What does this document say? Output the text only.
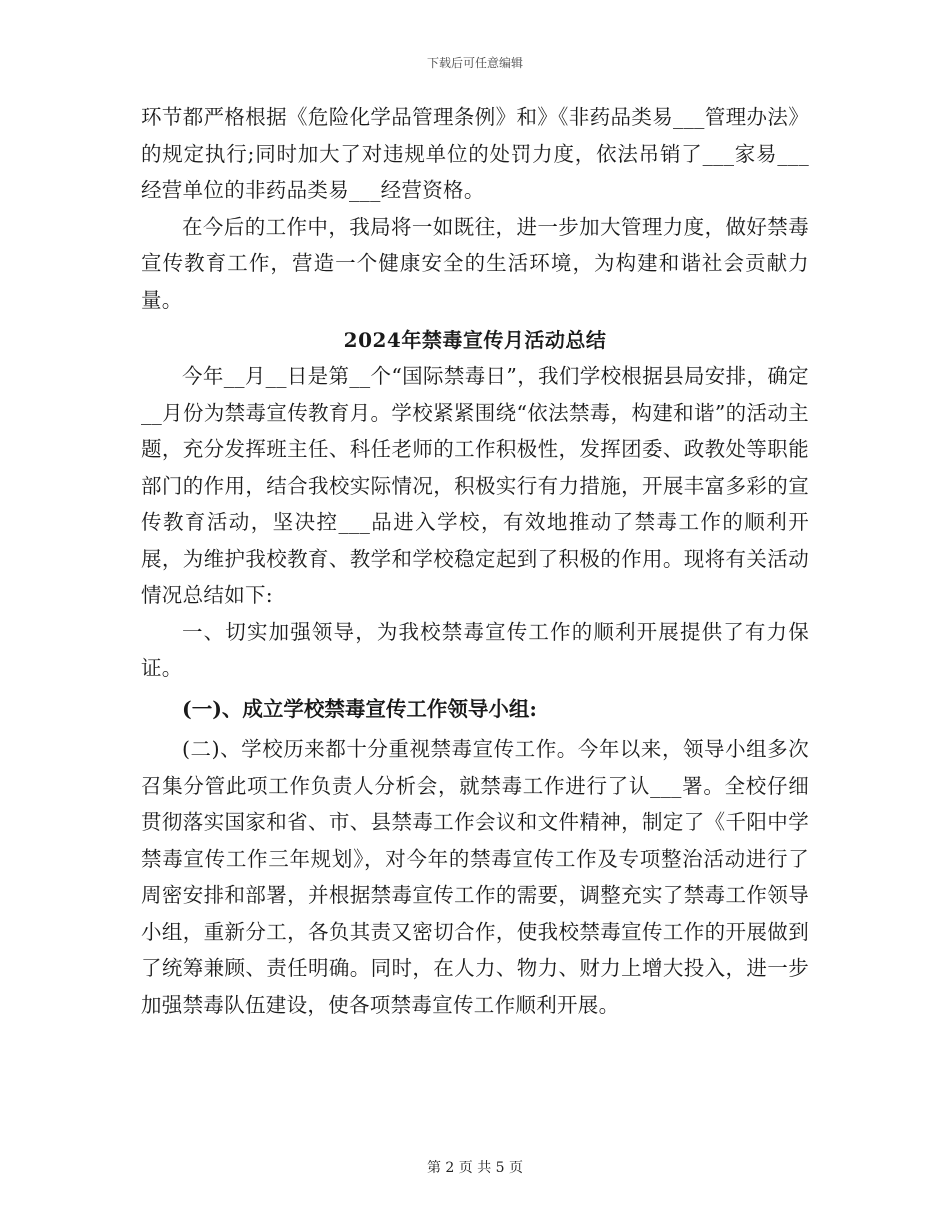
下载后可任意编辑

环节都严格根据《危险化学品管理条例》和》《非药品类易___管理办法》的规定执行;同时加大了对违规单位的处罚力度，依法吊销了___家易___经营单位的非药品类易___经营资格。

在今后的工作中，我局将一如既往，进一步加大管理力度，做好禁毒宣传教育工作，营造一个健康安全的生活环境，为构建和谐社会贡献力量。

2024年禁毒宣传月活动总结

今年__月__日是第__个“国际禁毒日”，我们学校根据县局安排，确定__月份为禁毒宣传教育月。学校紧紧围绕“依法禁毒，构建和谐”的活动主题，充分发挥班主任、科任老师的工作积极性，发挥团委、政教处等职能部门的作用，结合我校实际情况，积极实行有力措施，开展丰富多彩的宣传教育活动，坚决控___品进入学校，有效地推动了禁毒工作的顺利开展，为维护我校教育、教学和学校稳定起到了积极的作用。现将有关活动情况总结如下:

一、切实加强领导，为我校禁毒宣传工作的顺利开展提供了有力保证。

(一)、成立学校禁毒宣传工作领导小组:

(二)、学校历来都十分重视禁毒宣传工作。今年以来，领导小组多次召集分管此项工作负责人分析会，就禁毒工作进行了认___署。全校仔细贯彻落实国家和省、市、县禁毒工作会议和文件精神，制定了《千阳中学禁毒宣传工作三年规划》，对今年的禁毒宣传工作及专项整治活动进行了周密安排和部署，并根据禁毒宣传工作的需要，调整充实了禁毒工作领导小组，重新分工，各负其责又密切合作，使我校禁毒宣传工作的开展做到了统筹兼顾、责任明确。同时，在人力、物力、财力上增大投入，进一步加强禁毒队伍建设，使各项禁毒宣传工作顺利开展。

第 2 页 共 5 页
